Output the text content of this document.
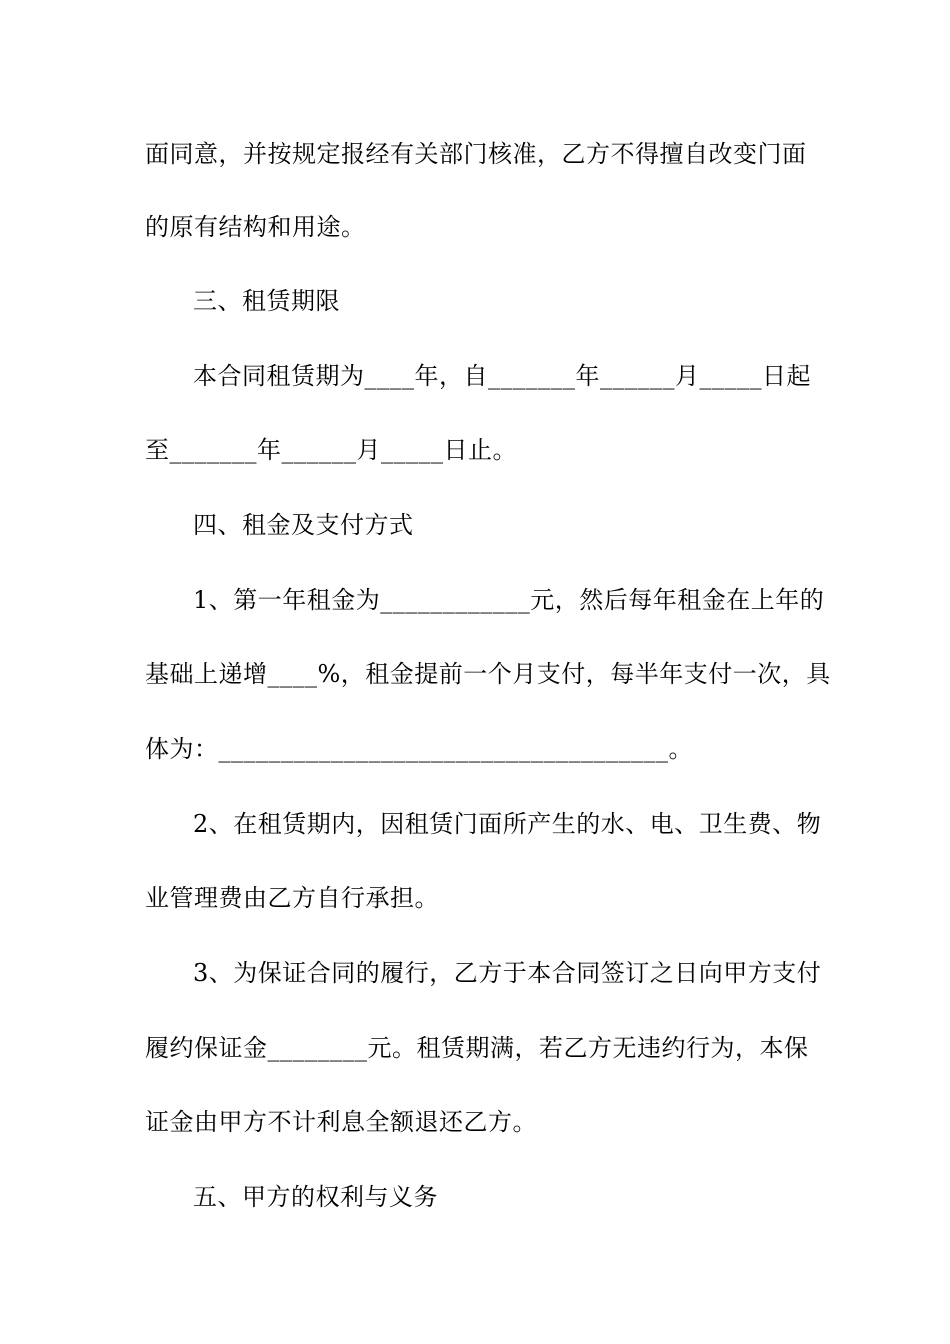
面同意，并按规定报经有关部门核准，乙方不得擅自改变门面
的原有结构和用途。
三、租赁期限
本合同租赁期为____年，自_______年______月_____日起
至_______年______月_____日止。
四、租金及支付方式
1、第一年租金为____________元，然后每年租金在上年的
基础上递增____%，租金提前一个月支付，每半年支付一次，具
体为：____________________________________。
2、在租赁期内，因租赁门面所产生的水、电、卫生费、物
业管理费由乙方自行承担。
3、为保证合同的履行，乙方于本合同签订之日向甲方支付
履约保证金________元。租赁期满，若乙方无违约行为，本保
证金由甲方不计利息全额退还乙方。
五、甲方的权利与义务
